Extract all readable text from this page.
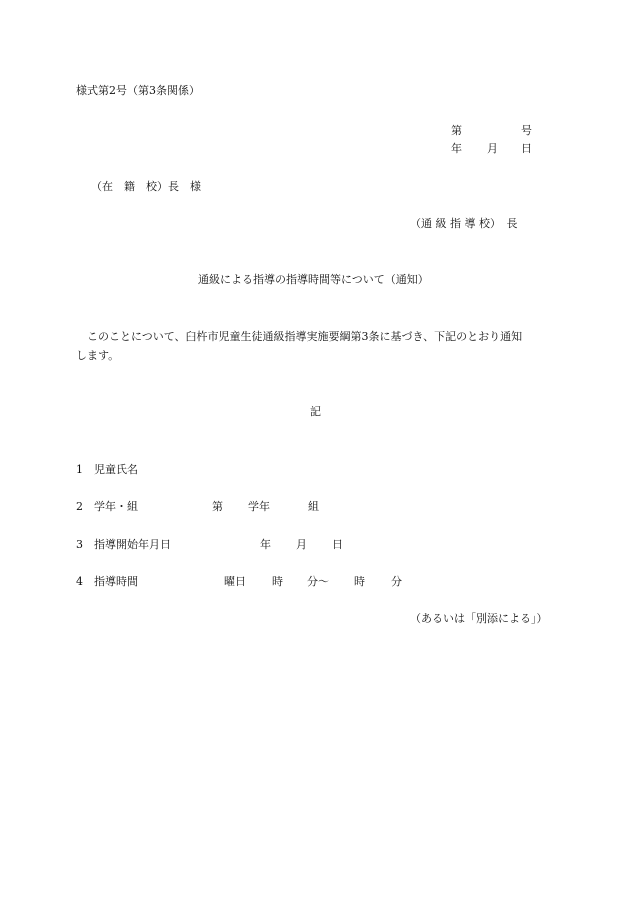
様式第2号（第3条関係）
第	号
年 月 日
（在　籍　校）長　様
（通 級 指 導 校）　長
通級による指導の指導時間等について（通知）
　このことについて、臼杵市児童生徒通級指導実施要綱第3条に基づき、下記のとおり通知
します。
記
1 児童氏名
2 学年・組	第 学年	組
3 指導開始年月日	年 月 日
4 指導時間	曜日 時 分〜 時 分
（あるいは「別添による」）
